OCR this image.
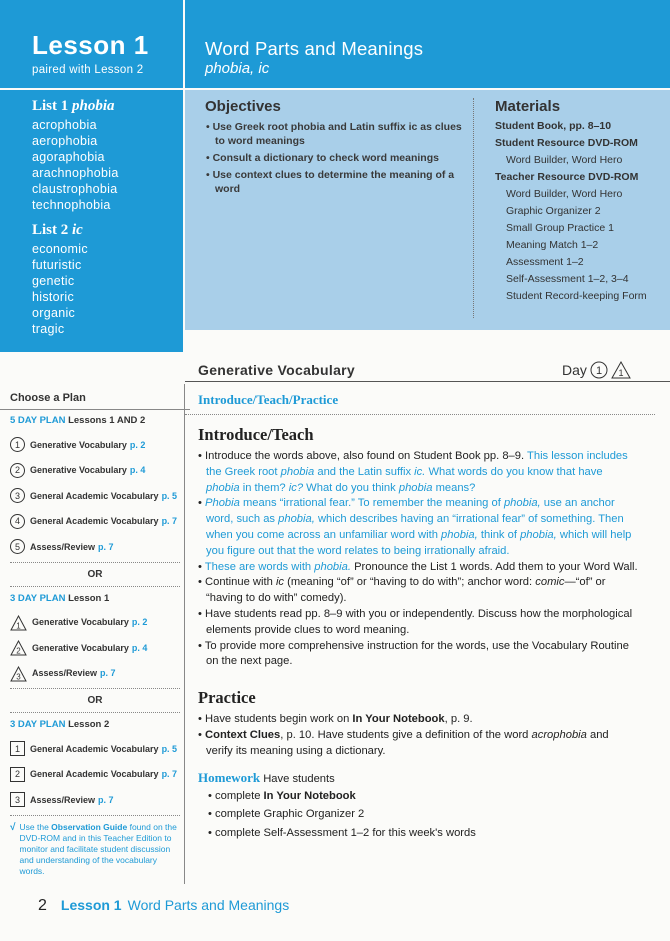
Lesson 1
paired with Lesson 2
Word Parts and Meanings
phobia, ic
List 1 phobia
acrophobia
aerophobia
agoraphobia
arachnophobia
claustrophobia
technophobia
List 2 ic
economic
futuristic
genetic
historic
organic
tragic
Objectives
• Use Greek root phobia and Latin suffix ic as clues to word meanings
• Consult a dictionary to check word meanings
• Use context clues to determine the meaning of a word
Materials
Student Book, pp. 8–10
Student Resource DVD-ROM
Word Builder, Word Hero
Teacher Resource DVD-ROM
Word Builder, Word Hero
Graphic Organizer 2
Small Group Practice 1
Meaning Match 1–2
Assessment 1–2
Self-Assessment 1–2, 3–4
Student Record-keeping Form
Generative Vocabulary	Day 1 1
Choose a Plan
5 DAY PLAN Lessons 1 AND 2
1	Generative Vocabulary p. 2
2	Generative Vocabulary p. 4
3	General Academic Vocabulary p. 5
4	General Academic Vocabulary p. 7
5	Assess/Review p. 7
OR
3 DAY PLAN Lesson 1
1 Generative Vocabulary p. 2
2 Generative Vocabulary p. 4
3 Assess/Review p. 7
OR
3 DAY PLAN Lesson 2
1	General Academic Vocabulary p. 5
2	General Academic Vocabulary p. 7
3	Assess/Review p. 7
√ Use the Observation Guide found on the DVD-ROM and in this Teacher Edition to monitor and facilitate student discussion and understanding of the vocabulary words.
Introduce/Teach/Practice
Introduce/Teach
• Introduce the words above, also found on Student Book pp. 8–9. This lesson includes the Greek root phobia and the Latin suffix ic. What words do you know that have phobia in them? ic? What do you think phobia means?
• Phobia means “irrational fear.” To remember the meaning of phobia, use an anchor word, such as phobia, which describes having an “irrational fear” of something. Then when you come across an unfamiliar word with phobia, think of phobia, which will help you figure out that the word relates to being irrationally afraid.
• These are words with phobia. Pronounce the List 1 words. Add them to your Word Wall.
• Continue with ic (meaning “of” or “having to do with”; anchor word: comic—“of” or “having to do with” comedy).
• Have students read pp. 8–9 with you or independently. Discuss how the morphological elements provide clues to word meaning.
• To provide more comprehensive instruction for the words, use the Vocabulary Routine on the next page.
Practice
• Have students begin work on In Your Notebook, p. 9.
• Context Clues, p. 10. Have students give a definition of the word acrophobia and verify its meaning using a dictionary.
Homework Have students
• complete In Your Notebook
• complete Graphic Organizer 2
• complete Self-Assessment 1–2 for this week's words
2 Lesson 1 Word Parts and Meanings
